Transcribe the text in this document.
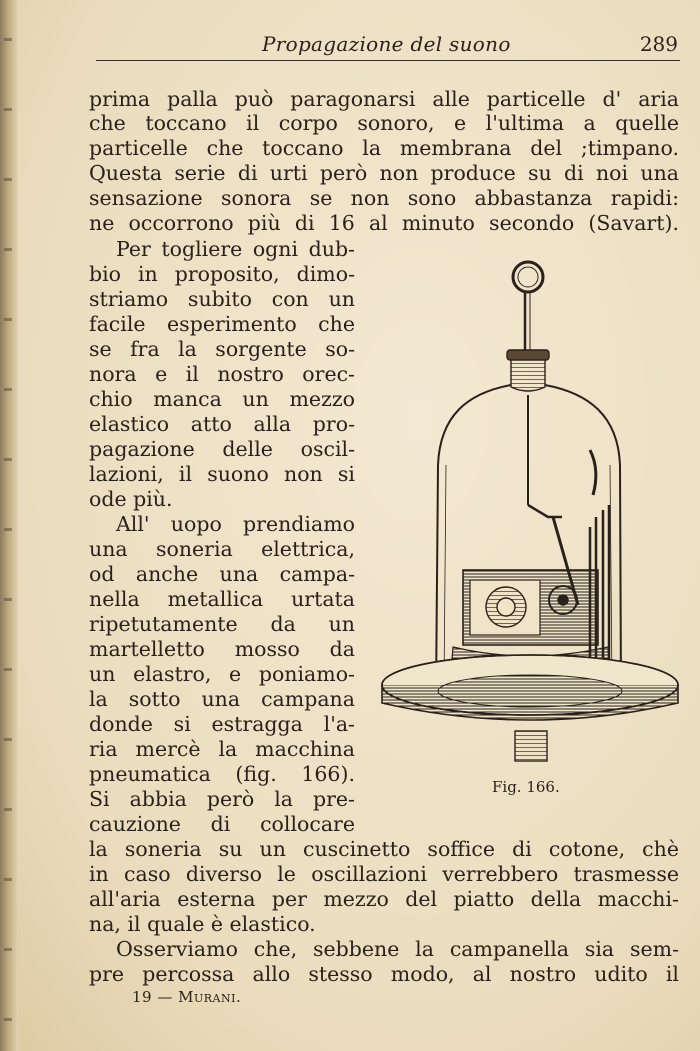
Propagazione del suono	289
prima palla può paragonarsi alle particelle d' aria
che toccano il corpo sonoro, e l'ultima a quelle
particelle che toccano la membrana del ;timpano.
Questa serie di urti però non produce su di noi una
sensazione sonora se non sono abbastanza rapidi:
ne occorrono più di 16 al minuto secondo (Savart).
Per togliere ogni dub-
bio in proposito, dimo-
striamo subito con un
facile esperimento che
se fra la sorgente so-
nora e il nostro orec-
chio manca un mezzo
elastico atto alla pro-
pagazione delle oscil-
lazioni, il suono non si
ode più.
All' uopo prendiamo
una soneria elettrica,
od anche una campa-
nella metallica urtata
ripetutamente da un
martelletto mosso da
un elastro, e poniamo-
la sotto una campana
donde si estragga l'a-
ria mercè la macchina
pneumatica (fig. 166).
Si abbia però la pre-
cauzione di collocare
la soneria su un cuscinetto soffice di cotone, chè
in caso diverso le oscillazioni verrebbero trasmesse
all'aria esterna per mezzo del piatto della macchi-
na, il quale è elastico.
Osserviamo che, sebbene la campanella sia sem-
pre percossa allo stesso modo, al nostro udito il
Fig. 166.
19 — Murani.
